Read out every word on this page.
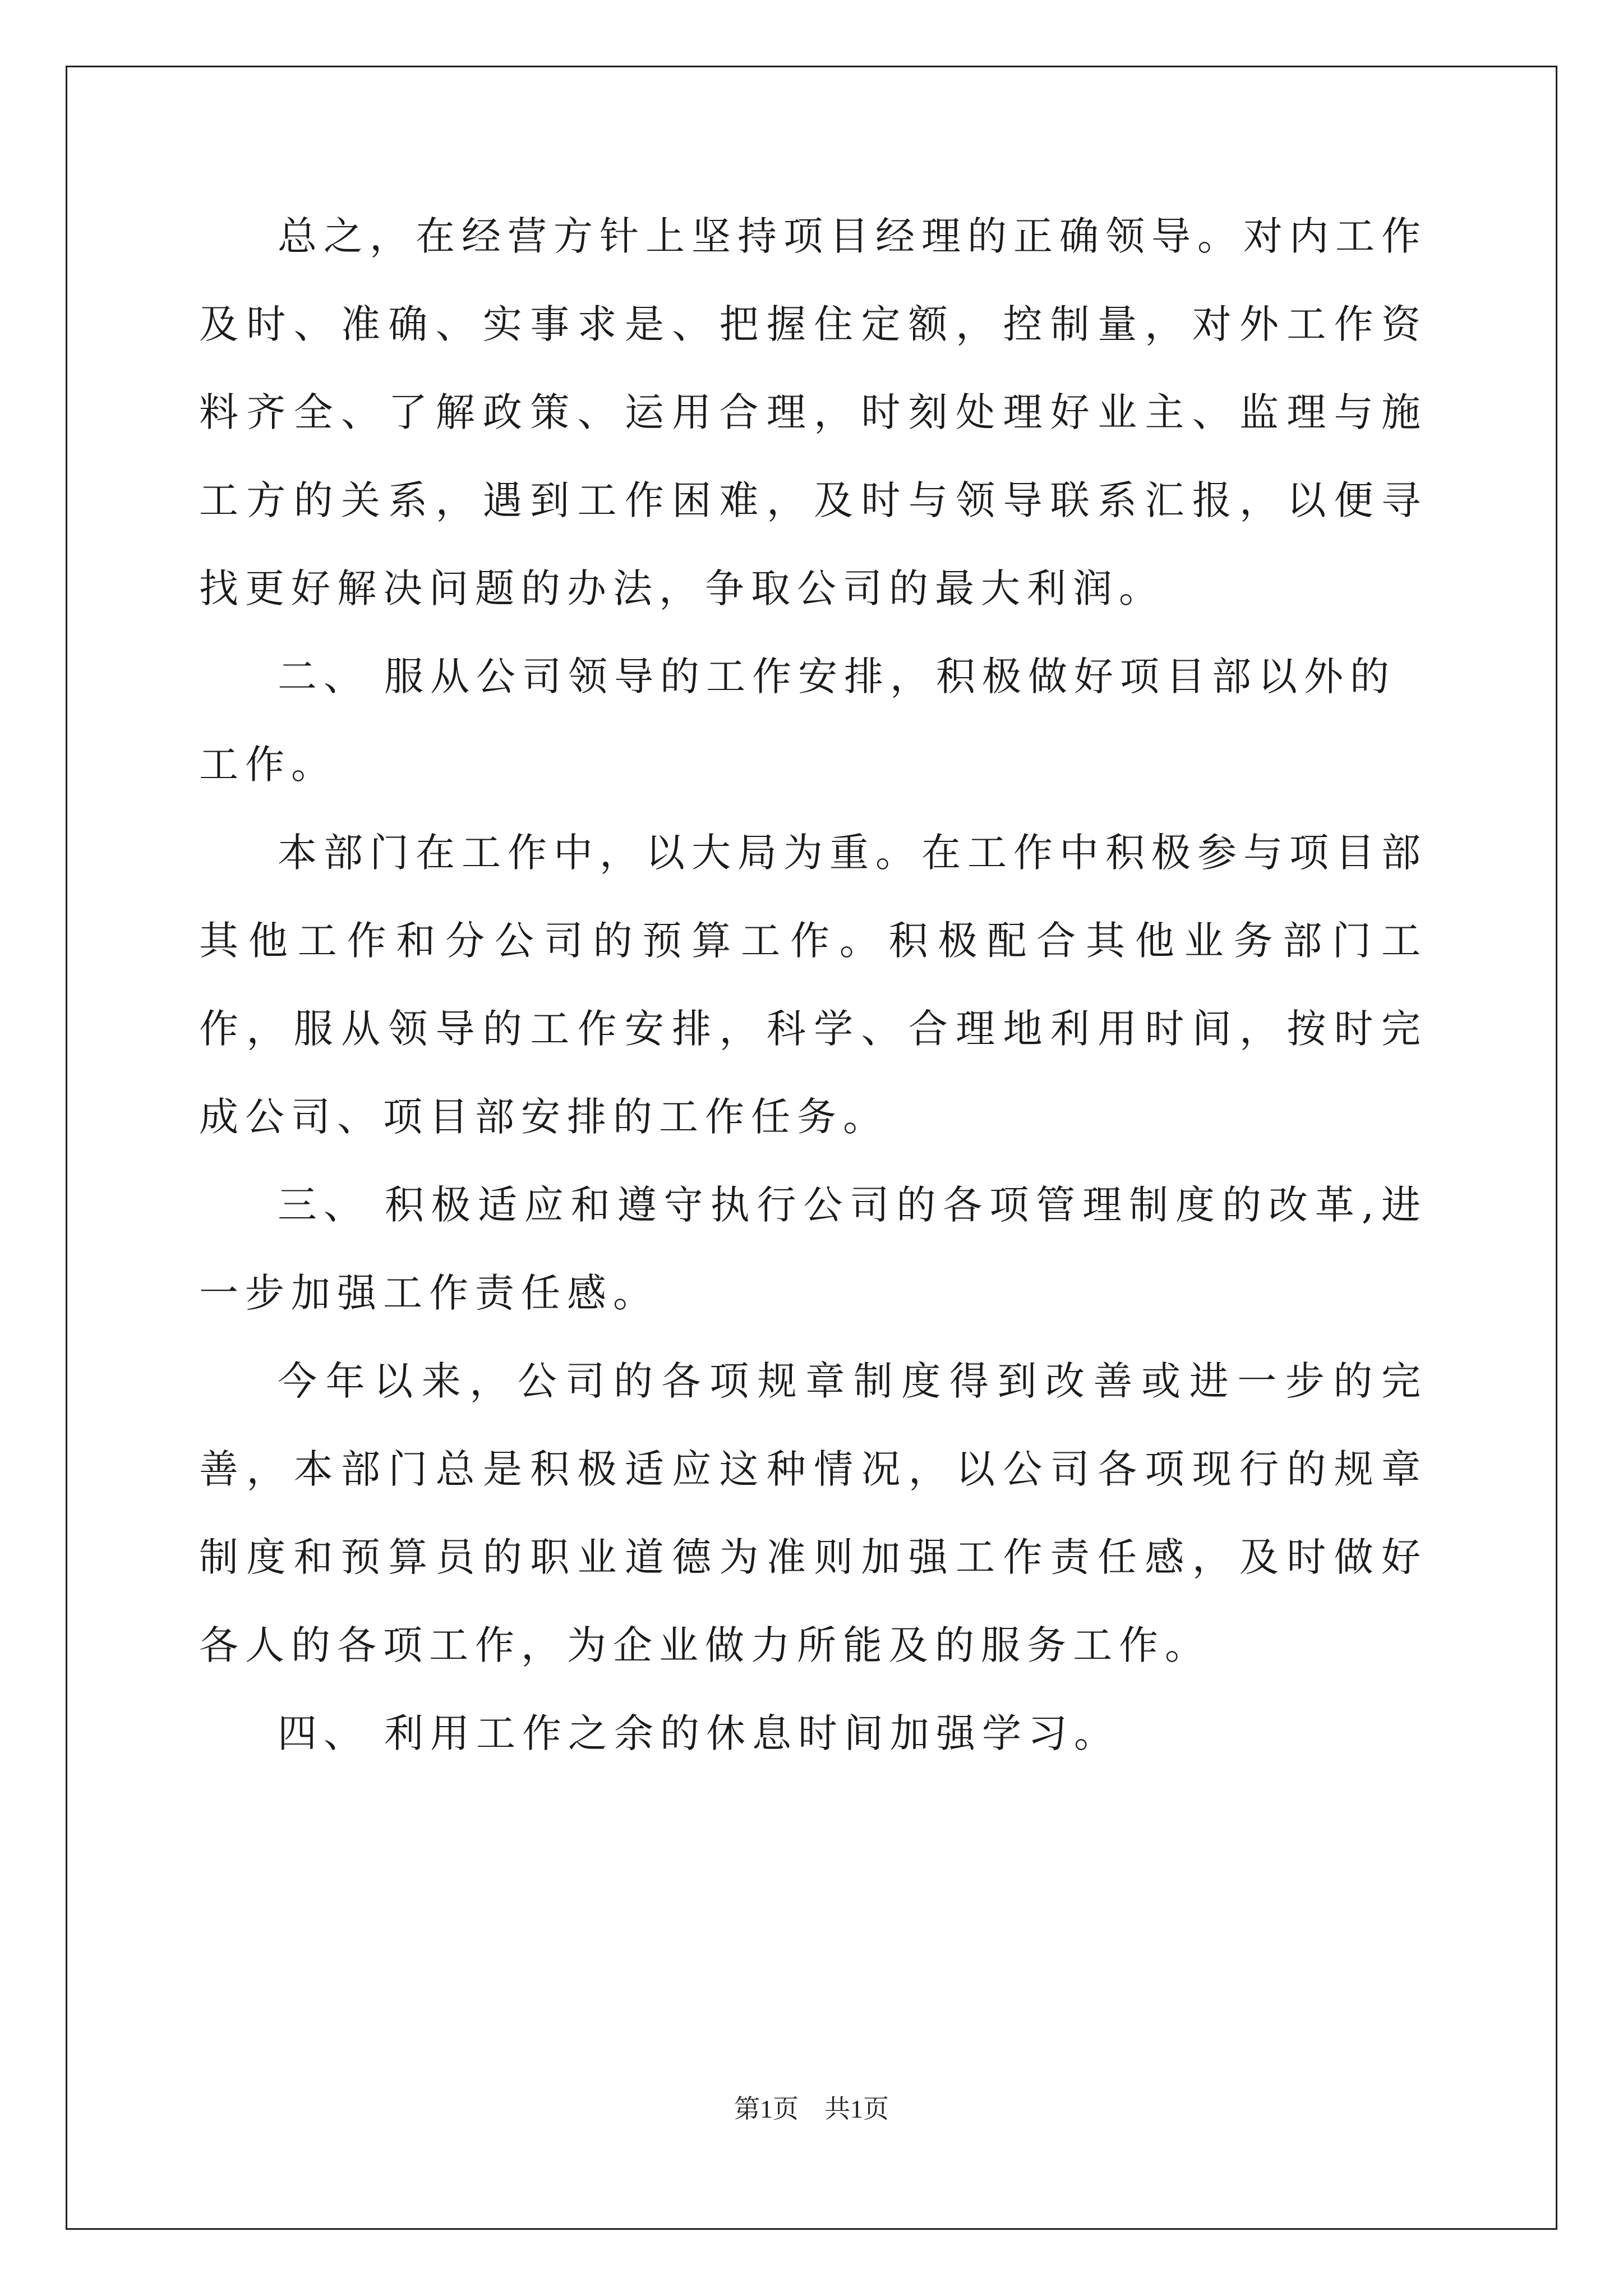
总之，在经营方针上坚持项目经理的正确领导。对内工作及时、准确、实事求是、把握住定额，控制量，对外工作资料齐全、了解政策、运用合理，时刻处理好业主、监理与施工方的关系，遇到工作困难，及时与领导联系汇报，以便寻找更好解决问题的办法，争取公司的最大利润。

二、 服从公司领导的工作安排，积极做好项目部以外的工作。

本部门在工作中，以大局为重。在工作中积极参与项目部其他工作和分公司的预算工作。积极配合其他业务部门工作，服从领导的工作安排，科学、合理地利用时间，按时完成公司、项目部安排的工作任务。

三、 积极适应和遵守执行公司的各项管理制度的改革,进一步加强工作责任感。

今年以来，公司的各项规章制度得到改善或进一步的完善，本部门总是积极适应这种情况，以公司各项现行的规章制度和预算员的职业道德为准则加强工作责任感，及时做好各人的各项工作，为企业做力所能及的服务工作。

四、 利用工作之余的休息时间加强学习。

第1页　共1页
